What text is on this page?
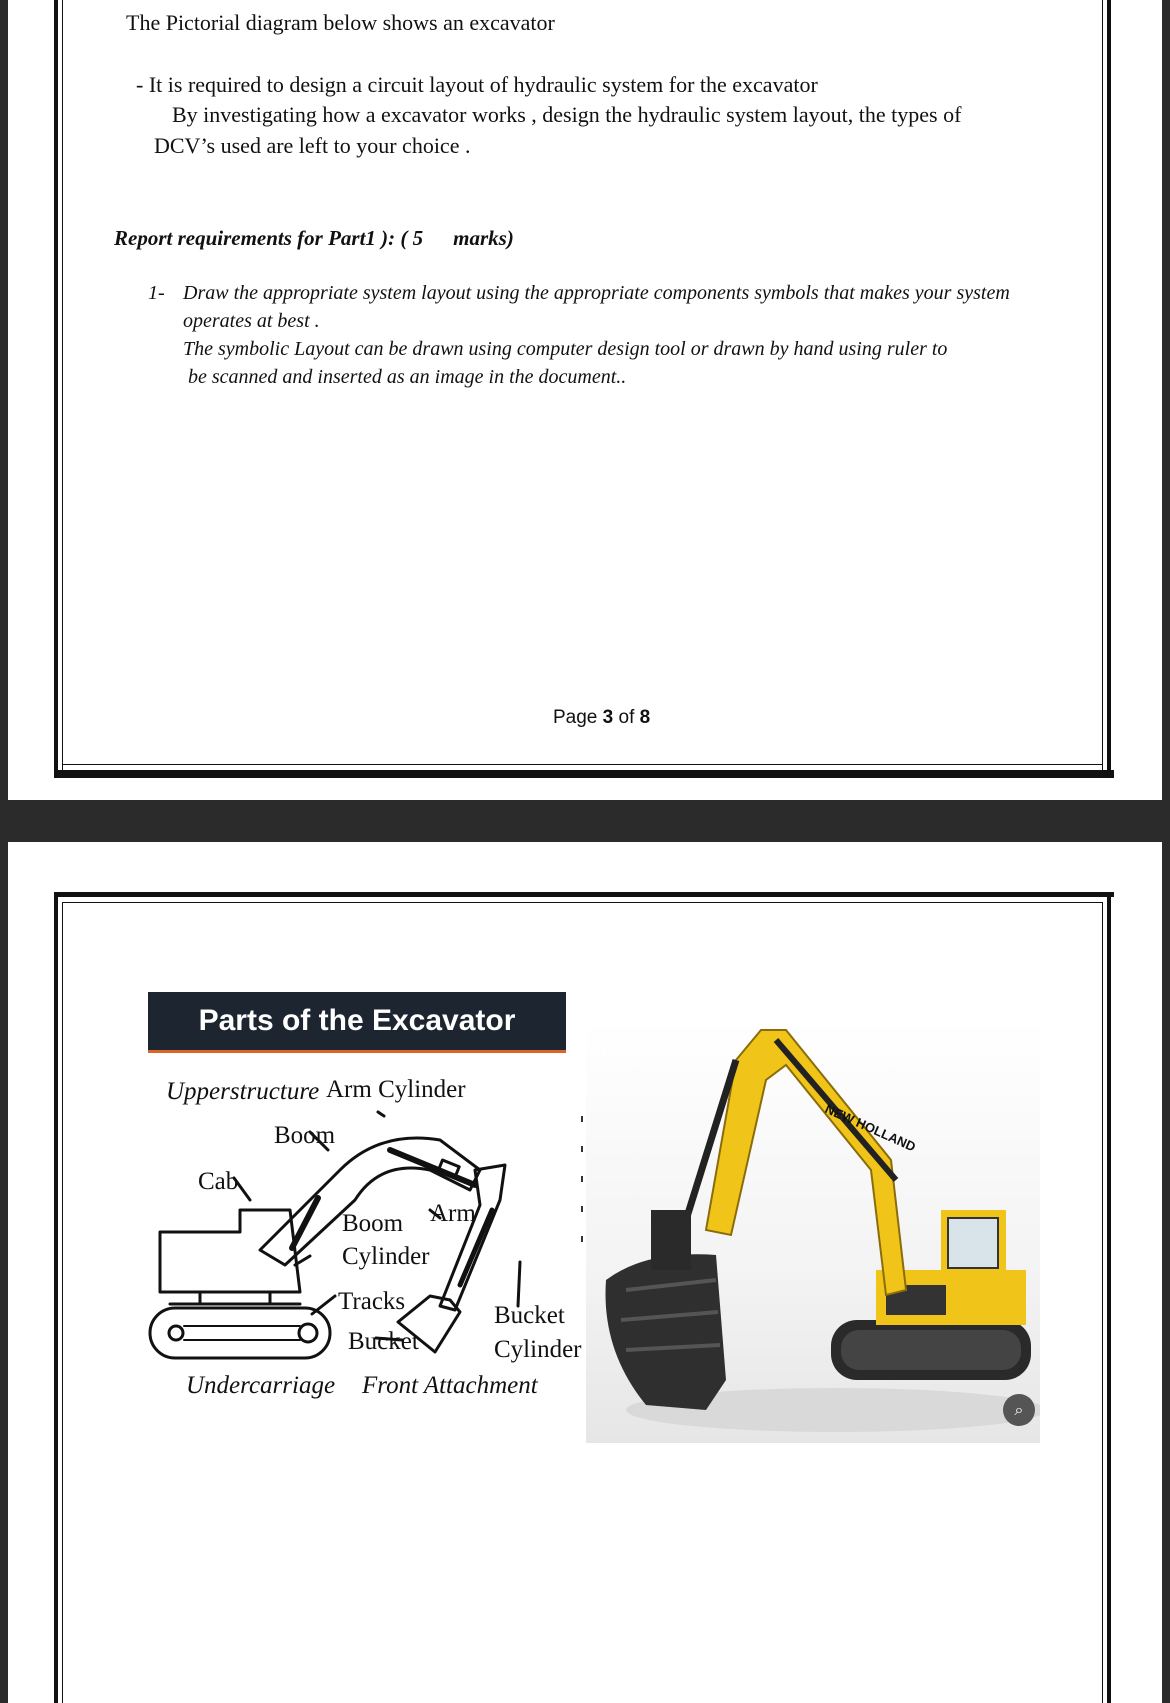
The Pictorial diagram below shows an excavator
- It is required to design a circuit layout of hydraulic system for the excavator
By investigating how a excavator works , design the hydraulic system layout, the types of
DCV’s used are left to your choice .
Report requirements for Part1 ): ( 5 marks)
1- Draw the appropriate system layout using the appropriate components symbols that makes your system
operates at best .
The symbolic Layout can be drawn using computer design tool or drawn by hand using ruler to
be scanned and inserted as an image in the document..
Page 3 of 8
Parts of the Excavator
Upperstructure Arm Cylinder
Boom
Cab
Arm
Boom
Cylinder
Tracks
Bucket
Bucket
Cylinder
Undercarriage Front Attachment
NEW HOLLAND
‹	...
⌕
